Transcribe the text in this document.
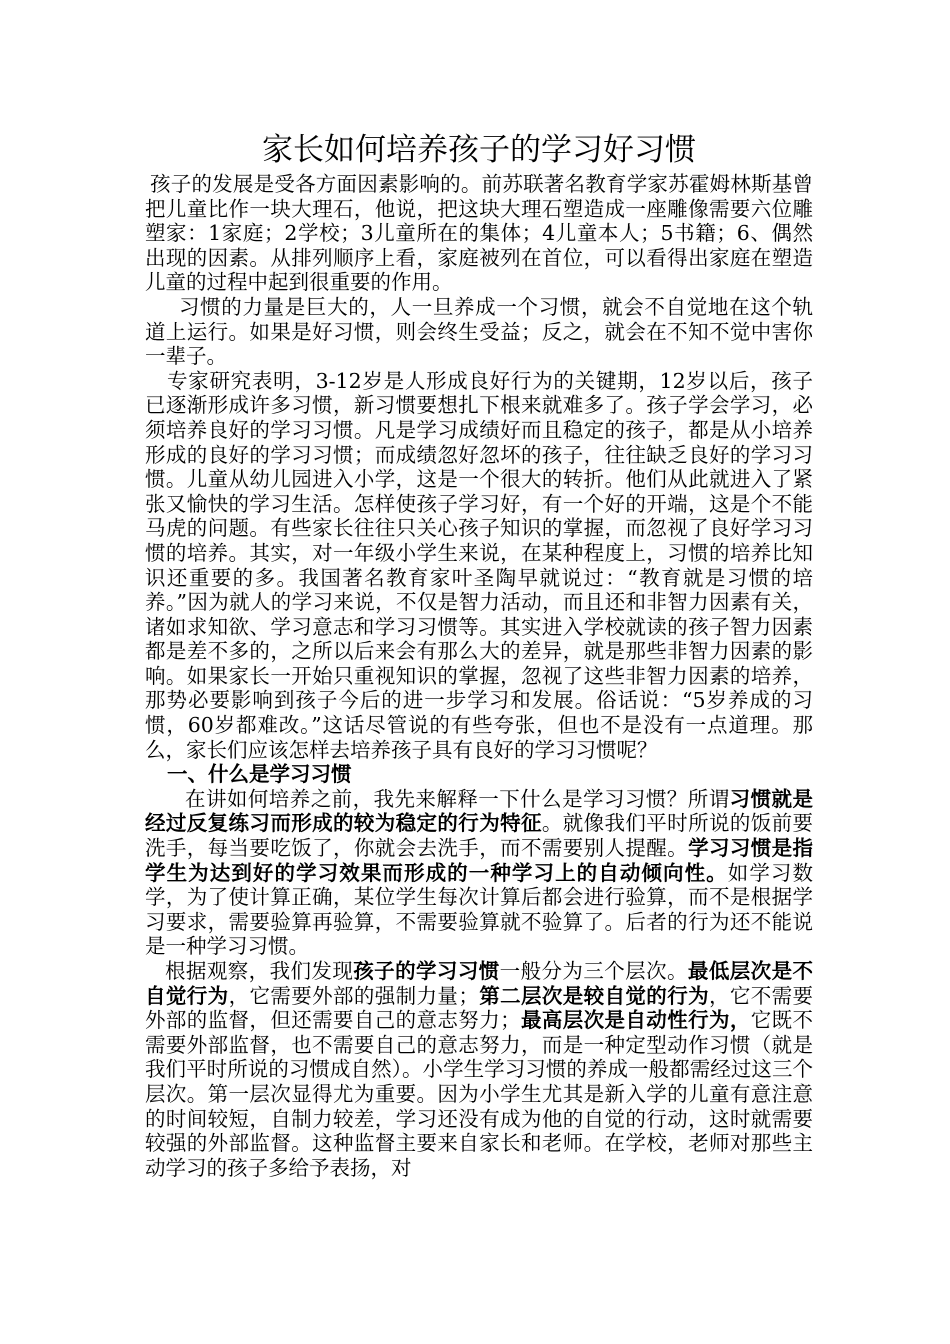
家长如何培养孩子的学习好习惯

孩子的发展是受各方面因素影响的。前苏联著名教育学家苏霍姆林斯基曾把儿童比作一块大理石，他说，把这块大理石塑造成一座雕像需要六位雕塑家：1家庭；2学校；3儿童所在的集体；4儿童本人；5书籍；6、偶然出现的因素。从排列顺序上看，家庭被列在首位，可以看得出家庭在塑造儿童的过程中起到很重要的作用。

习惯的力量是巨大的，人一旦养成一个习惯，就会不自觉地在这个轨道上运行。如果是好习惯，则会终生受益；反之，就会在不知不觉中害你一辈子。

专家研究表明，3-12岁是人形成良好行为的关键期，12岁以后，孩子已逐渐形成许多习惯，新习惯要想扎下根来就难多了。孩子学会学习，必须培养良好的学习习惯。凡是学习成绩好而且稳定的孩子，都是从小培养形成的良好的学习习惯；而成绩忽好忽坏的孩子，往往缺乏良好的学习习惯。儿童从幼儿园进入小学，这是一个很大的转折。他们从此就进入了紧张又愉快的学习生活。怎样使孩子学习好，有一个好的开端，这是个不能马虎的问题。有些家长往往只关心孩子知识的掌握，而忽视了良好学习习惯的培养。其实，对一年级小学生来说，在某种程度上，习惯的培养比知识还重要的多。我国著名教育家叶圣陶早就说过：“教育就是习惯的培养。”因为就人的学习来说，不仅是智力活动，而且还和非智力因素有关，诸如求知欲、学习意志和学习习惯等。其实进入学校就读的孩子智力因素都是差不多的，之所以后来会有那么大的差异，就是那些非智力因素的影响。如果家长一开始只重视知识的掌握，忽视了这些非智力因素的培养，那势必要影响到孩子今后的进一步学习和发展。俗话说：“5岁养成的习惯，60岁都难改。”这话尽管说的有些夸张，但也不是没有一点道理。那么，家长们应该怎样去培养孩子具有良好的学习习惯呢？

一、什么是学习习惯

在讲如何培养之前，我先来解释一下什么是学习习惯？所谓习惯就是经过反复练习而形成的较为稳定的行为特征。就像我们平时所说的饭前要洗手，每当要吃饭了，你就会去洗手，而不需要别人提醒。学习习惯是指学生为达到好的学习效果而形成的一种学习上的自动倾向性。如学习数学，为了使计算正确，某位学生每次计算后都会进行验算，而不是根据学习要求，需要验算再验算，不需要验算就不验算了。后者的行为还不能说是一种学习习惯。

根据观察，我们发现孩子的学习习惯一般分为三个层次。最低层次是不自觉行为，它需要外部的强制力量；第二层次是较自觉的行为，它不需要外部的监督，但还需要自己的意志努力；最高层次是自动性行为，它既不需要外部监督，也不需要自己的意志努力，而是一种定型动作习惯（就是我们平时所说的习惯成自然）。小学生学习习惯的养成一般都需经过这三个层次。第一层次显得尤为重要。因为小学生尤其是新入学的儿童有意注意的时间较短，自制力较差，学习还没有成为他的自觉的行动，这时就需要较强的外部监督。这种监督主要来自家长和老师。在学校，老师对那些主动学习的孩子多给予表扬，对
